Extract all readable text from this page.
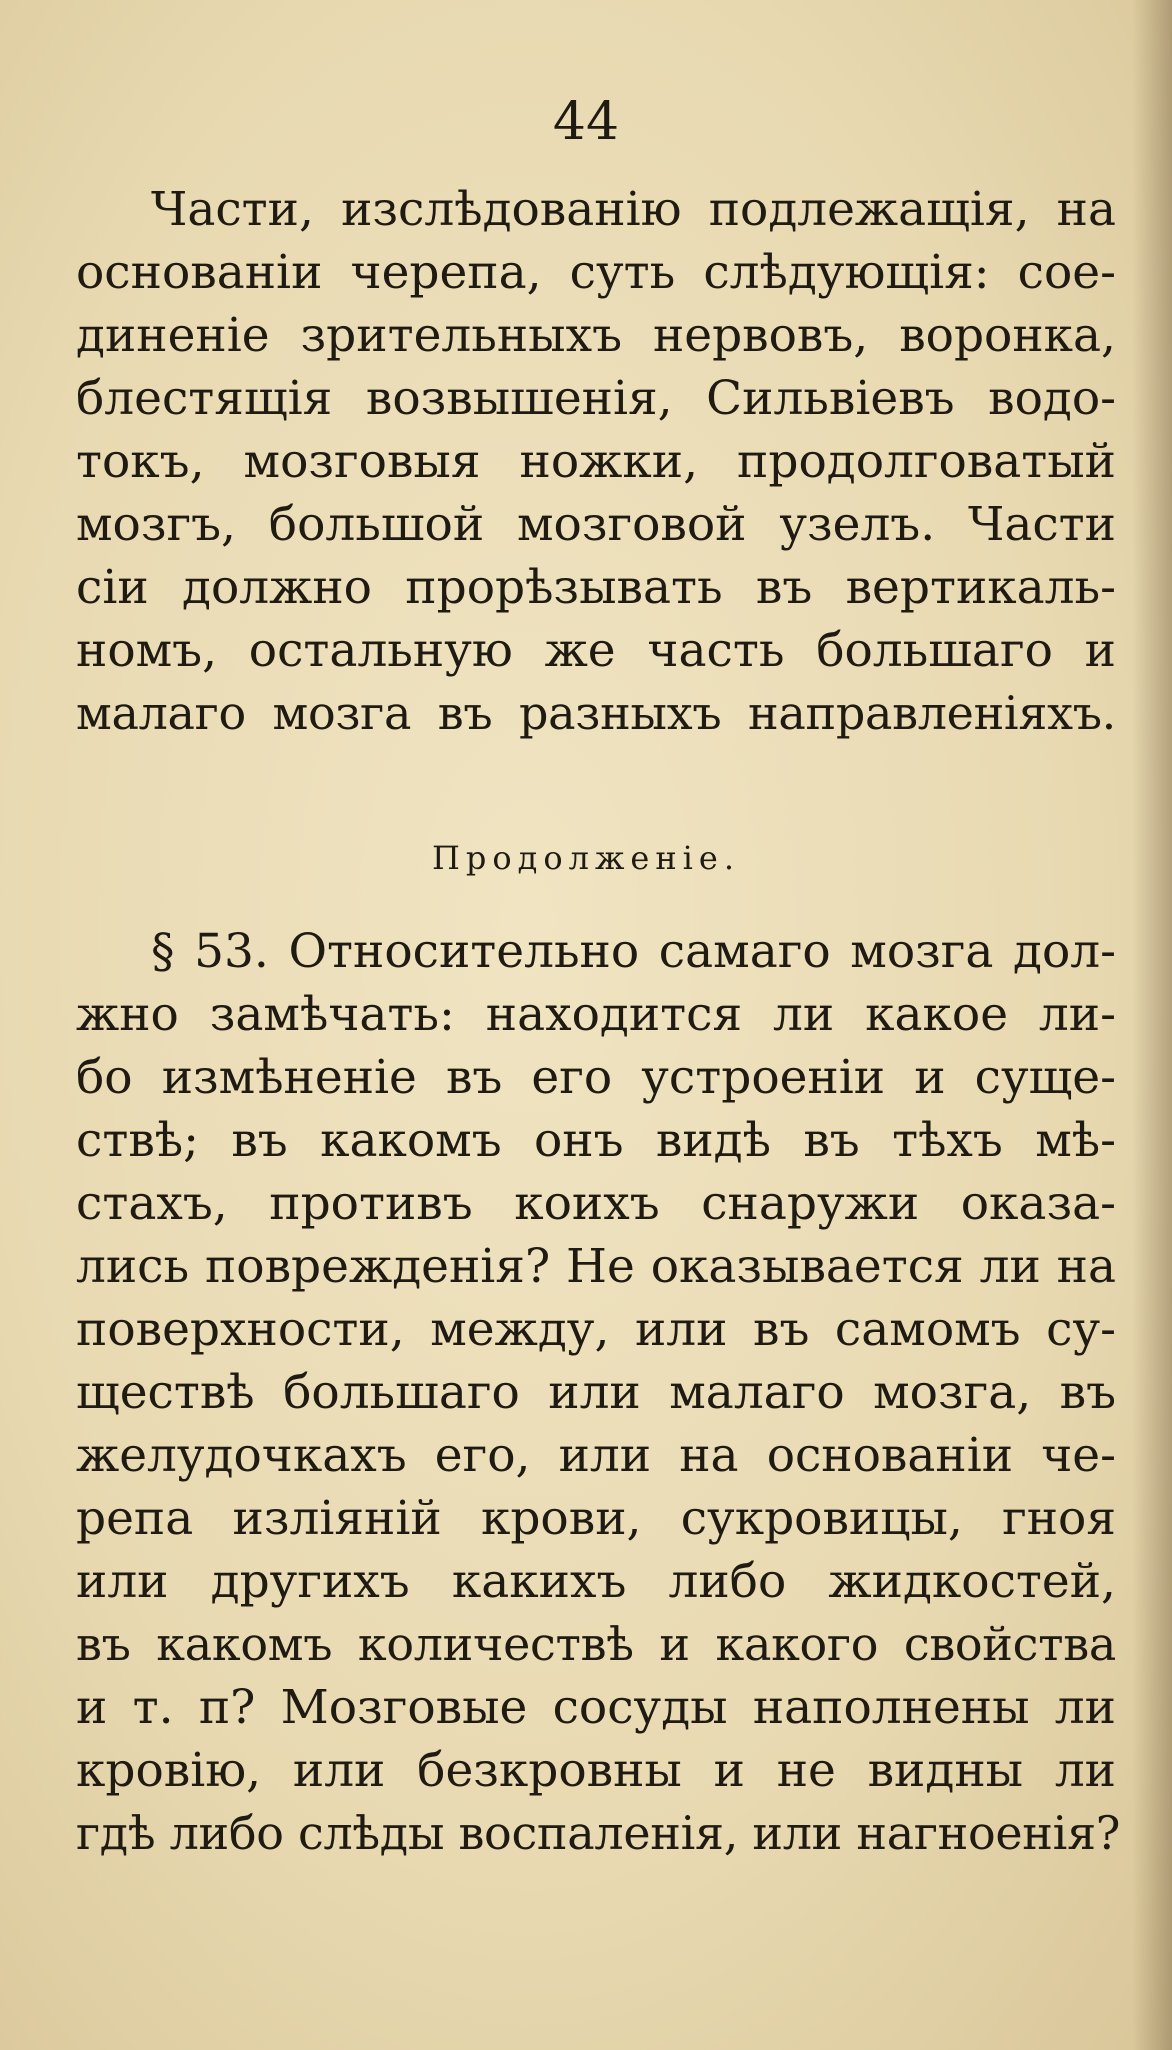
44
Части, изслѣдованію подлежащія, на
основаніи черепа, суть слѣдующія: сое-
диненіе зрительныхъ нервовъ, воронка,
блестящія возвышенія, Сильвіевъ водо-
токъ, мозговыя ножки, продолговатый
мозгъ, большой мозговой узелъ. Части
сіи должно прорѣзывать въ вертикаль-
номъ, остальную же часть большаго и
малаго мозга въ разныхъ направленіяхъ.
Продолженіе.
§ 53. Относительно самаго мозга дол-
жно замѣчать: находится ли какое ли-
бо измѣненіе въ его устроеніи и суще-
ствѣ; въ какомъ онъ видѣ въ тѣхъ мѣ-
стахъ, противъ коихъ снаружи оказа-
лись поврежденія? Не оказывается ли на
поверхности, между, или въ самомъ су-
ществѣ большаго или малаго мозга, въ
желудочкахъ его, или на основаніи че-
репа изліяній крови, сукровицы, гноя
или другихъ какихъ либо жидкостей,
въ какомъ количествѣ и какого свойства
и т. п? Мозговые сосуды наполнены ли
кровію, или безкровны и не видны ли
гдѣ либо слѣды воспаленія, или нагноенія?
